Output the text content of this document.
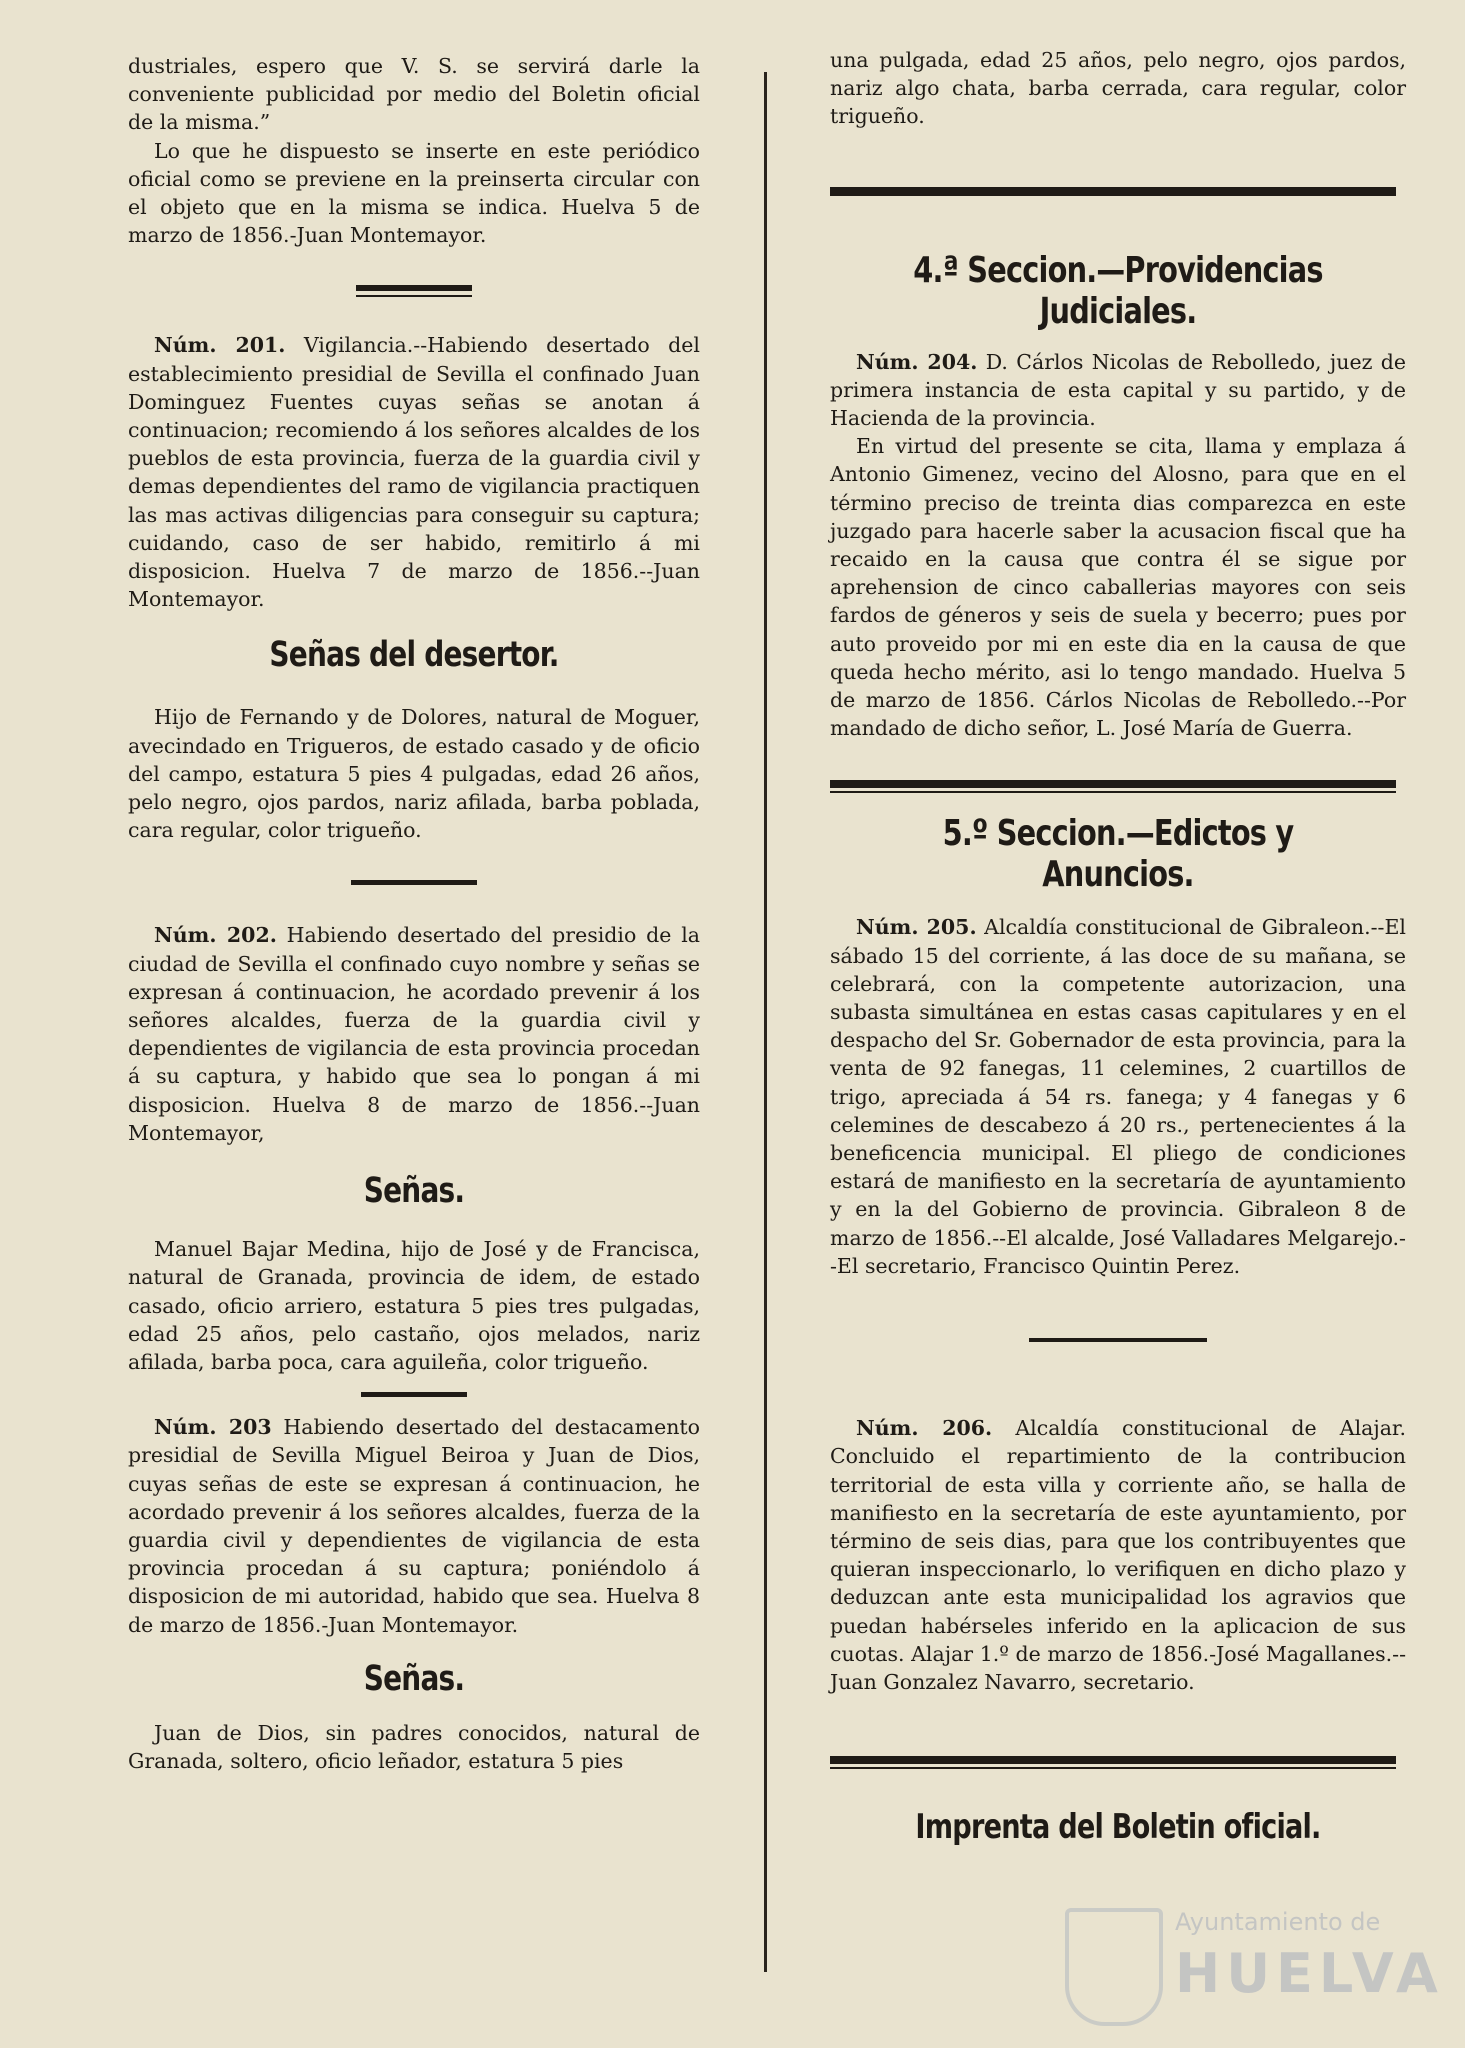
dustriales, espero que V. S. se servirá darle la conveniente publicidad por medio del Boletin oficial de la misma.”

Lo que he dispuesto se inserte en este periódico oficial como se previene en la preinserta circular con el objeto que en la misma se indica. Huelva 5 de marzo de 1856.-Juan Montemayor.

Núm. 201. Vigilancia.--Habiendo desertado del establecimiento presidial de Sevilla el confinado Juan Dominguez Fuentes cuyas señas se anotan á continuacion; recomiendo á los señores alcaldes de los pueblos de esta provincia, fuerza de la guardia civil y demas dependientes del ramo de vigilancia practiquen las mas activas diligencias para conseguir su captura; cuidando, caso de ser habido, remitirlo á mi disposicion. Huelva 7 de marzo de 1856.--Juan Montemayor.

Señas del desertor.

Hijo de Fernando y de Dolores, natural de Moguer, avecindado en Trigueros, de estado casado y de oficio del campo, estatura 5 pies 4 pulgadas, edad 26 años, pelo negro, ojos pardos, nariz afilada, barba poblada, cara regular, color trigueño.

Núm. 202. Habiendo desertado del presidio de la ciudad de Sevilla el confinado cuyo nombre y señas se expresan á continuacion, he acordado prevenir á los señores alcaldes, fuerza de la guardia civil y dependientes de vigilancia de esta provincia procedan á su captura, y habido que sea lo pongan á mi disposicion. Huelva 8 de marzo de 1856.--Juan Montemayor,

Señas.

Manuel Bajar Medina, hijo de José y de Francisca, natural de Granada, provincia de idem, de estado casado, oficio arriero, estatura 5 pies tres pulgadas, edad 25 años, pelo castaño, ojos melados, nariz afilada, barba poca, cara aguileña, color trigueño.

Núm. 203 Habiendo desertado del destacamento presidial de Sevilla Miguel Beiroa y Juan de Dios, cuyas señas de este se expresan á continuacion, he acordado prevenir á los señores alcaldes, fuerza de la guardia civil y dependientes de vigilancia de esta provincia procedan á su captura; poniéndolo á disposicion de mi autoridad, habido que sea. Huelva 8 de marzo de 1856.-Juan Montemayor.

Señas.

Juan de Dios, sin padres conocidos, natural de Granada, soltero, oficio leñador, estatura 5 pies

una pulgada, edad 25 años, pelo negro, ojos pardos, nariz algo chata, barba cerrada, cara regular, color trigueño.

4.ª Seccion.—Providencias Judiciales.

Núm. 204. D. Cárlos Nicolas de Rebolledo, juez de primera instancia de esta capital y su partido, y de Hacienda de la provincia.

En virtud del presente se cita, llama y emplaza á Antonio Gimenez, vecino del Alosno, para que en el término preciso de treinta dias comparezca en este juzgado para hacerle saber la acusacion fiscal que ha recaido en la causa que contra él se sigue por aprehension de cinco caballerias mayores con seis fardos de géneros y seis de suela y becerro; pues por auto proveido por mi en este dia en la causa de que queda hecho mérito, asi lo tengo mandado. Huelva 5 de marzo de 1856. Cárlos Nicolas de Rebolledo.--Por mandado de dicho señor, L. José María de Guerra.

5.º Seccion.—Edictos y Anuncios.

Núm. 205. Alcaldía constitucional de Gibraleon.--El sábado 15 del corriente, á las doce de su mañana, se celebrará, con la competente autorizacion, una subasta simultánea en estas casas capitulares y en el despacho del Sr. Gobernador de esta provincia, para la venta de 92 fanegas, 11 celemines, 2 cuartillos de trigo, apreciada á 54 rs. fanega; y 4 fanegas y 6 celemines de descabezo á 20 rs., pertenecientes á la beneficencia municipal. El pliego de condiciones estará de manifiesto en la secretaría de ayuntamiento y en la del Gobierno de provincia. Gibraleon 8 de marzo de 1856.--El alcalde, José Valladares Melgarejo.--El secretario, Francisco Quintin Perez.

Núm. 206. Alcaldía constitucional de Alajar. Concluido el repartimiento de la contribucion territorial de esta villa y corriente año, se halla de manifiesto en la secretaría de este ayuntamiento, por término de seis dias, para que los contribuyentes que quieran inspeccionarlo, lo verifiquen en dicho plazo y deduzcan ante esta municipalidad los agravios que puedan habérseles inferido en la aplicacion de sus cuotas. Alajar 1.º de marzo de 1856.-José Magallanes.--Juan Gonzalez Navarro, secretario.

Imprenta del Boletin oficial.
Ayuntamiento de
HUELVA
